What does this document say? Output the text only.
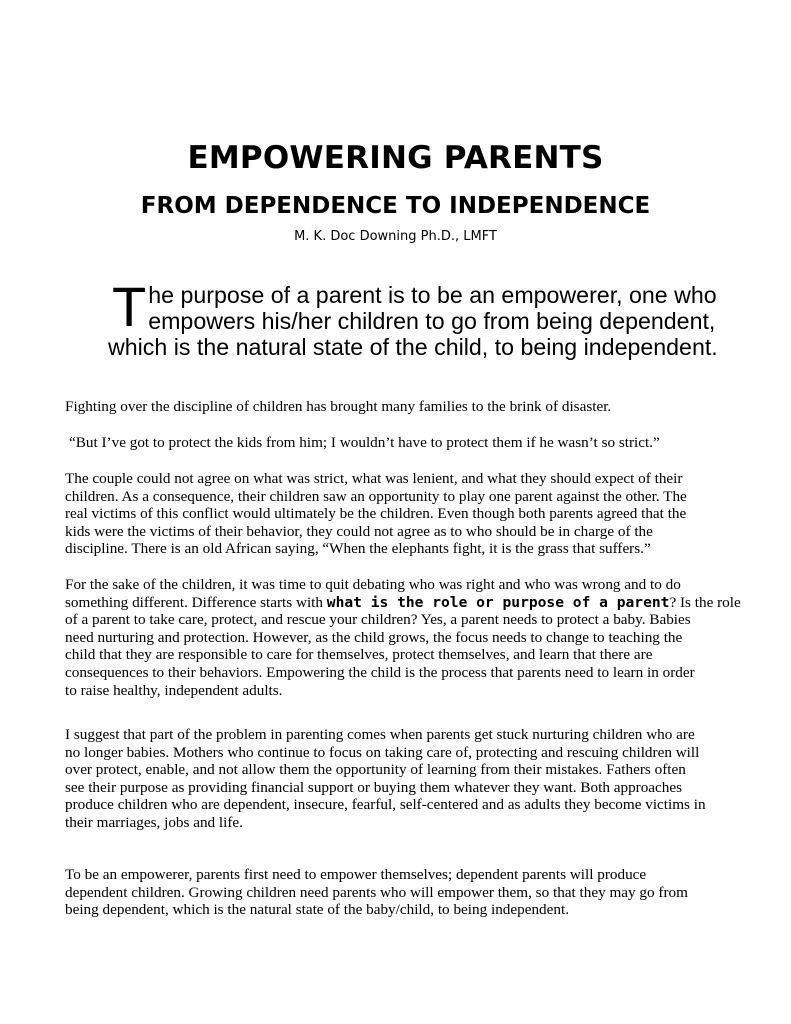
EMPOWERING PARENTS
FROM DEPENDENCE TO INDEPENDENCE
M. K. Doc Downing Ph.D., LMFT
T he purpose of a parent is to be an empowerer, one who
empowers his/her children to go from being dependent,
which is the natural state of the child, to being independent.

Fighting over the discipline of children has brought many families to the brink of disaster.

“But I’ve got to protect the kids from him; I wouldn’t have to protect them if he wasn’t so strict.”

The couple could not agree on what was strict, what was lenient, and what they should expect of their
children. As a consequence, their children saw an opportunity to play one parent against the other. The
real victims of this conflict would ultimately be the children. Even though both parents agreed that the
kids were the victims of their behavior, they could not agree as to who should be in charge of the
discipline. There is an old African saying, “When the elephants fight, it is the grass that suffers.”

For the sake of the children, it was time to quit debating who was right and who was wrong and to do
something different. Difference starts with what is the role or purpose of a parent? Is the role
of a parent to take care, protect, and rescue your children? Yes, a parent needs to protect a baby. Babies
need nurturing and protection. However, as the child grows, the focus needs to change to teaching the
child that they are responsible to care for themselves, protect themselves, and learn that there are
consequences to their behaviors. Empowering the child is the process that parents need to learn in order
to raise healthy, independent adults.

I suggest that part of the problem in parenting comes when parents get stuck nurturing children who are
no longer babies. Mothers who continue to focus on taking care of, protecting and rescuing children will
over protect, enable, and not allow them the opportunity of learning from their mistakes. Fathers often
see their purpose as providing financial support or buying them whatever they want. Both approaches
produce children who are dependent, insecure, fearful, self-centered and as adults they become victims in
their marriages, jobs and life.

To be an empowerer, parents first need to empower themselves; dependent parents will produce
dependent children. Growing children need parents who will empower them, so that they may go from
being dependent, which is the natural state of the baby/child, to being independent.
